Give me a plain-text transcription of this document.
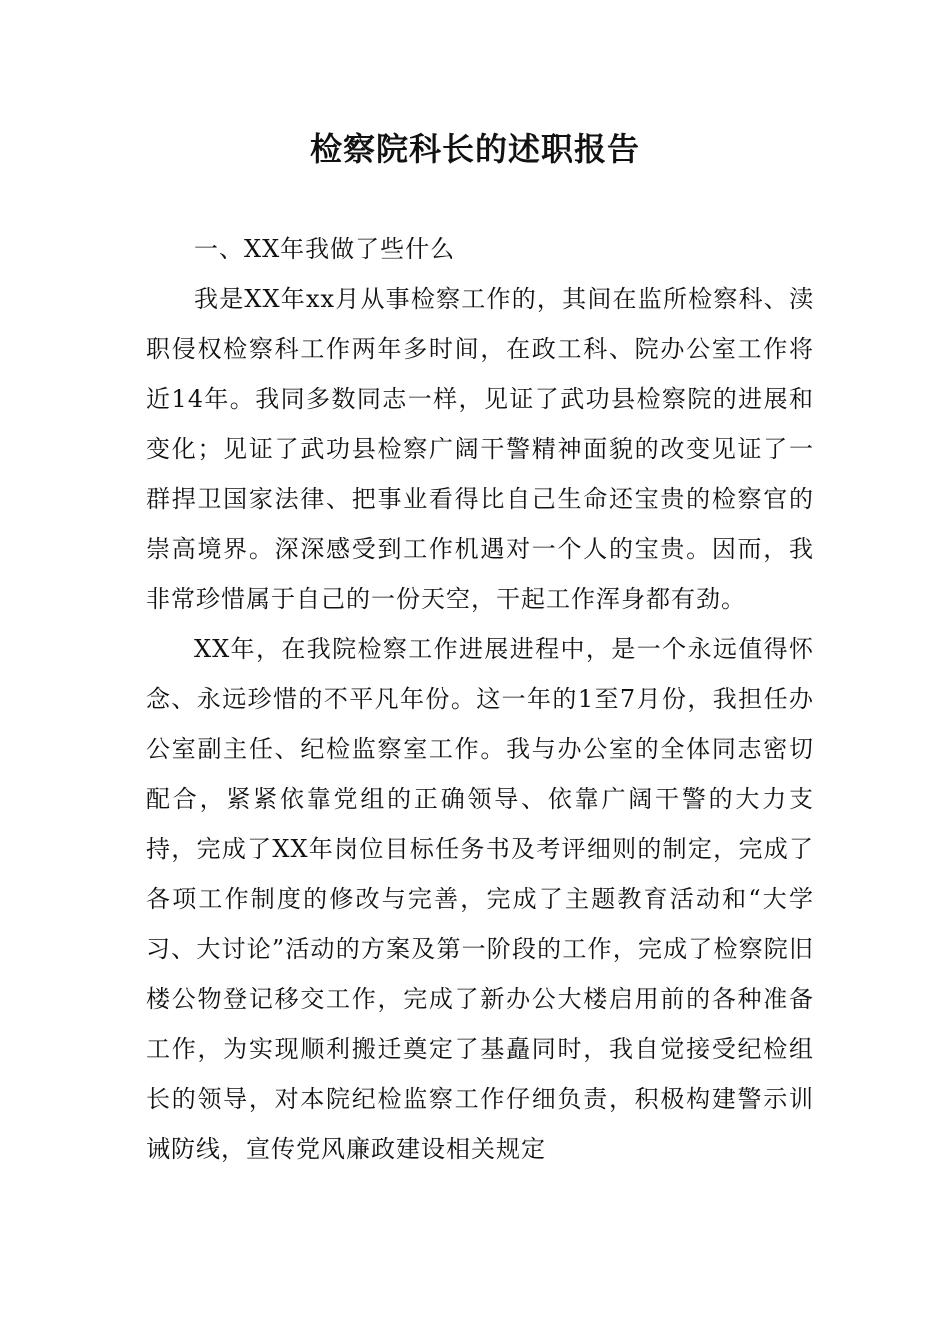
检察院科长的述职报告

一、XX年我做了些什么

我是XX年xx月从事检察工作的，其间在监所检察科、渎职侵权检察科工作两年多时间，在政工科、院办公室工作将近14年。我同多数同志一样，见证了武功县检察院的进展和变化；见证了武功县检察广阔干警精神面貌的改变见证了一群捍卫国家法律、把事业看得比自己生命还宝贵的检察官的崇高境界。深深感受到工作机遇对一个人的宝贵。因而，我非常珍惜属于自己的一份天空，干起工作浑身都有劲。

XX年，在我院检察工作进展进程中，是一个永远值得怀念、永远珍惜的不平凡年份。这一年的1至7月份，我担任办公室副主任、纪检监察室工作。我与办公室的全体同志密切配合，紧紧依靠党组的正确领导、依靠广阔干警的大力支持，完成了XX年岗位目标任务书及考评细则的制定，完成了各项工作制度的修改与完善，完成了主题教育活动和“大学习、大讨论”活动的方案及第一阶段的工作，完成了检察院旧楼公物登记移交工作，完成了新办公大楼启用前的各种准备工作，为实现顺利搬迁奠定了基矗同时，我自觉接受纪检组长的领导，对本院纪检监察工作仔细负责，积极构建警示训诫防线，宣传党风廉政建设相关规定
